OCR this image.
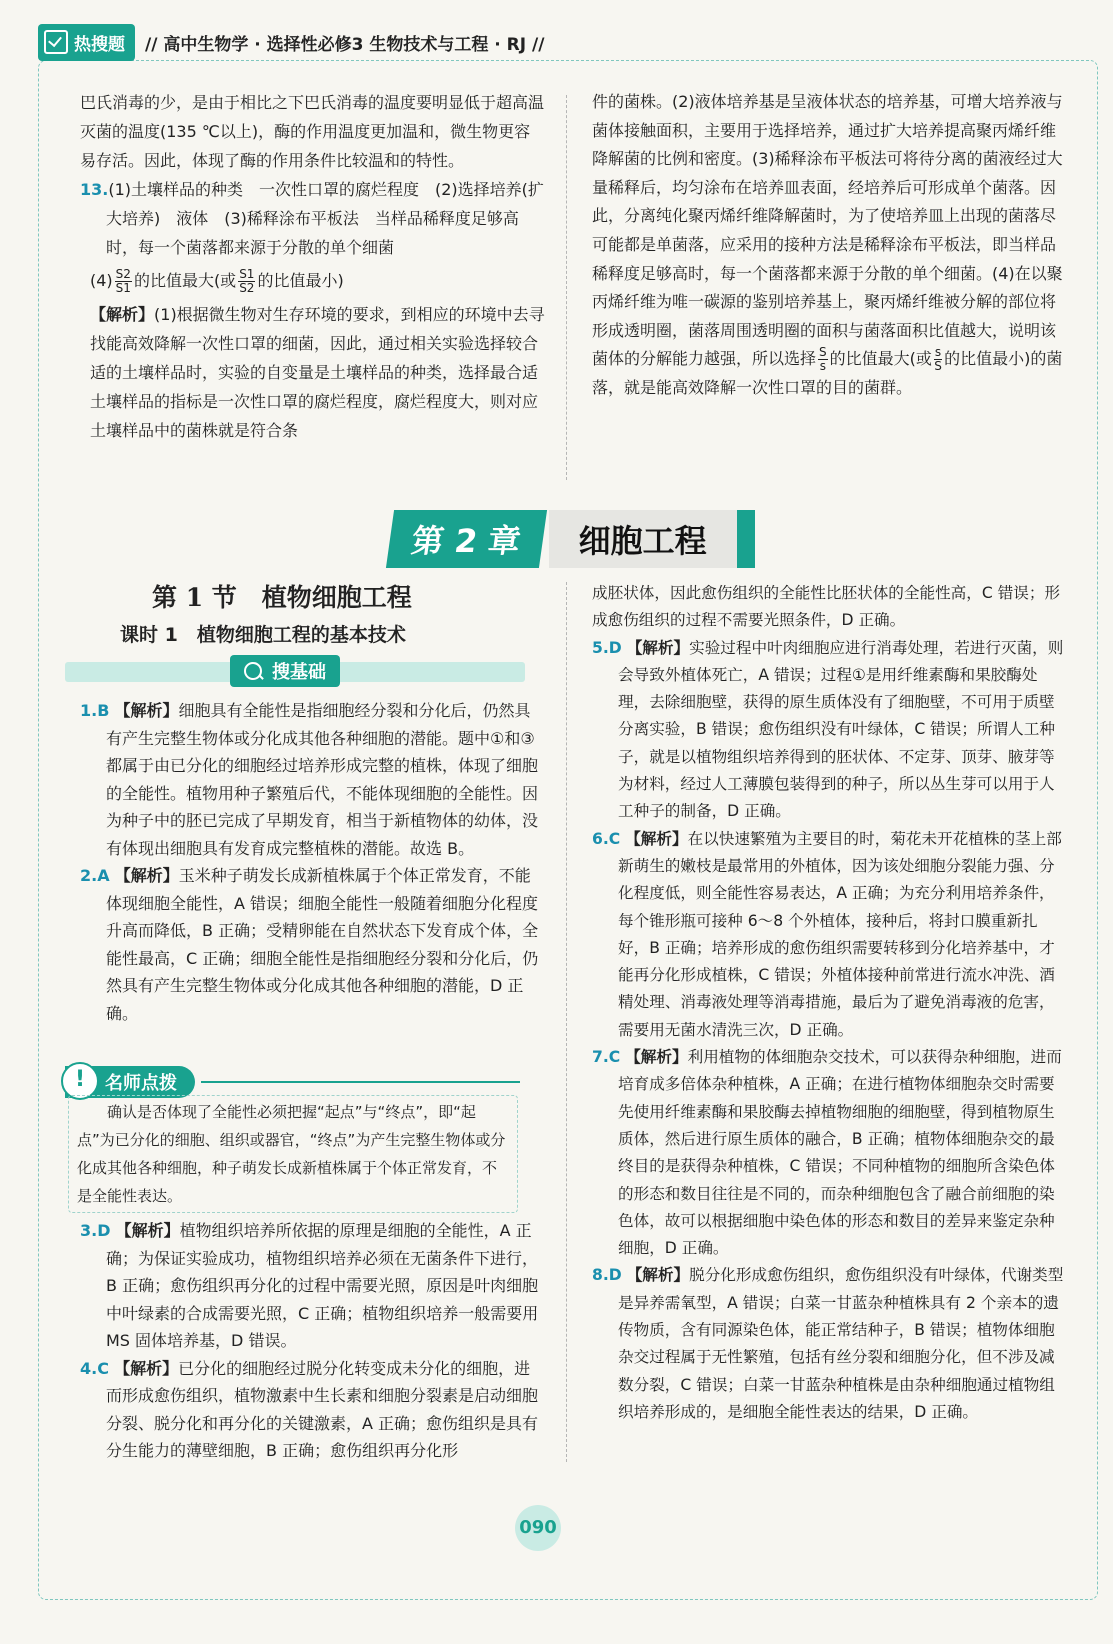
热搜题 // 高中生物学 · 选择性必修3 生物技术与工程 · RJ //

巴氏消毒的少，是由于相比之下巴氏消毒的温度要明显低于超高温灭菌的温度(135 ℃以上)，酶的作用温度更加温和，微生物更容易存活。因此，体现了酶的作用条件比较温和的特性。

13.(1)土壤样品的种类　一次性口罩的腐烂程度　(2)选择培养(扩大培养)　液体　(3)稀释涂布平板法　当样品稀释度足够高时，每一个菌落都来源于分散的单个细菌

$(4) \frac{S2}{S1}$ 的比值最大(或 $\frac{S1}{S2}$ 的比值最小)

【解析】(1)根据微生物对生存环境的要求，到相应的环境中去寻找能高效降解一次性口罩的细菌，因此，通过相关实验选择较合适的土壤样品时，实验的自变量是土壤样品的种类，选择最合适土壤样品的指标是一次性口罩的腐烂程度，腐烂程度大，则对应土壤样品中的菌株就是符合条

件的菌株。(2)液体培养基是呈液体状态的培养基，可增大培养液与菌体接触面积，主要用于选择培养，通过扩大培养提高聚丙烯纤维降解菌的比例和密度。(3)稀释涂布平板法可将待分离的菌液经过大量稀释后，均匀涂布在培养皿表面，经培养后可形成单个菌落。因此，分离纯化聚丙烯纤维降解菌时，为了使培养皿上出现的菌落尽可能都是单菌落，应采用的接种方法是稀释涂布平板法，即当样品稀释度足够高时，每一个菌落都来源于分散的单个细菌。(4)在以聚丙烯纤维为唯一碳源的鉴别培养基上，聚丙烯纤维被分解的部位将形成透明圈，菌落周围透明圈的面积与菌落面积比值越大，说明该菌体的分解能力越强，所以选择 $\frac{S}{s}$ 的比值最大(或 $\frac{s}{S}$ 的比值最小)的菌落，就是能高效降解一次性口罩的目的菌群。

第 2 章	细胞工程
第 1 节　植物细胞工程
课时 1　植物细胞工程的基本技术
搜基础

1.B 【解析】细胞具有全能性是指细胞经分裂和分化后，仍然具有产生完整生物体或分化成其他各种细胞的潜能。题中①和③都属于由已分化的细胞经过培养形成完整的植株，体现了细胞的全能性。植物用种子繁殖后代，不能体现细胞的全能性。因为种子中的胚已完成了早期发育，相当于新植物体的幼体，没有体现出细胞具有发育成完整植株的潜能。故选 B。

2.A 【解析】玉米种子萌发长成新植株属于个体正常发育，不能体现细胞全能性，A 错误；细胞全能性一般随着细胞分化程度升高而降低，B 正确；受精卵能在自然状态下发育成个体，全能性最高，C 正确；细胞全能性是指细胞经分裂和分化后，仍然具有产生完整生物体或分化成其他各种细胞的潜能，D 正确。

!	名师点拨

确认是否体现了全能性必须把握“起点”与“终点”，即“起点”为已分化的细胞、组织或器官，“终点”为产生完整生物体或分化成其他各种细胞，种子萌发长成新植株属于个体正常发育，不是全能性表达。

3.D 【解析】植物组织培养所依据的原理是细胞的全能性，A 正确；为保证实验成功，植物组织培养必须在无菌条件下进行，B 正确；愈伤组织再分化的过程中需要光照，原因是叶肉细胞中叶绿素的合成需要光照，C 正确；植物组织培养一般需要用 MS 固体培养基，D 错误。

4.C 【解析】已分化的细胞经过脱分化转变成未分化的细胞，进而形成愈伤组织，植物激素中生长素和细胞分裂素是启动细胞分裂、脱分化和再分化的关键激素，A 正确；愈伤组织是具有分生能力的薄壁细胞，B 正确；愈伤组织再分化形

成胚状体，因此愈伤组织的全能性比胚状体的全能性高，C 错误；形成愈伤组织的过程不需要光照条件，D 正确。

5.D 【解析】实验过程中叶肉细胞应进行消毒处理，若进行灭菌，则会导致外植体死亡，A 错误；过程①是用纤维素酶和果胶酶处理，去除细胞壁，获得的原生质体没有了细胞壁，不可用于质壁分离实验，B 错误；愈伤组织没有叶绿体，C 错误；所谓人工种子，就是以植物组织培养得到的胚状体、不定芽、顶芽、腋芽等为材料，经过人工薄膜包装得到的种子，所以丛生芽可以用于人工种子的制备，D 正确。

6.C 【解析】在以快速繁殖为主要目的时，菊花未开花植株的茎上部新萌生的嫩枝是最常用的外植体，因为该处细胞分裂能力强、分化程度低，则全能性容易表达，A 正确；为充分利用培养条件，每个锥形瓶可接种 6～8 个外植体，接种后，将封口膜重新扎好，B 正确；培养形成的愈伤组织需要转移到分化培养基中，才能再分化形成植株，C 错误；外植体接种前常进行流水冲洗、酒精处理、消毒液处理等消毒措施，最后为了避免消毒液的危害，需要用无菌水清洗三次，D 正确。

7.C 【解析】利用植物的体细胞杂交技术，可以获得杂种细胞，进而培育成多倍体杂种植株，A 正确；在进行植物体细胞杂交时需要先使用纤维素酶和果胶酶去掉植物细胞的细胞壁，得到植物原生质体，然后进行原生质体的融合，B 正确；植物体细胞杂交的最终目的是获得杂种植株，C 错误；不同种植物的细胞所含染色体的形态和数目往往是不同的，而杂种细胞包含了融合前细胞的染色体，故可以根据细胞中染色体的形态和数目的差异来鉴定杂种细胞，D 正确。

8.D 【解析】脱分化形成愈伤组织，愈伤组织没有叶绿体，代谢类型是异养需氧型，A 错误；白菜一甘蓝杂种植株具有 2 个亲本的遗传物质，含有同源染色体，能正常结种子，B 错误；植物体细胞杂交过程属于无性繁殖，包括有丝分裂和细胞分化，但不涉及减数分裂，C 错误；白菜一甘蓝杂种植株是由杂种细胞通过植物组织培养形成的，是细胞全能性表达的结果，D 正确。

090
